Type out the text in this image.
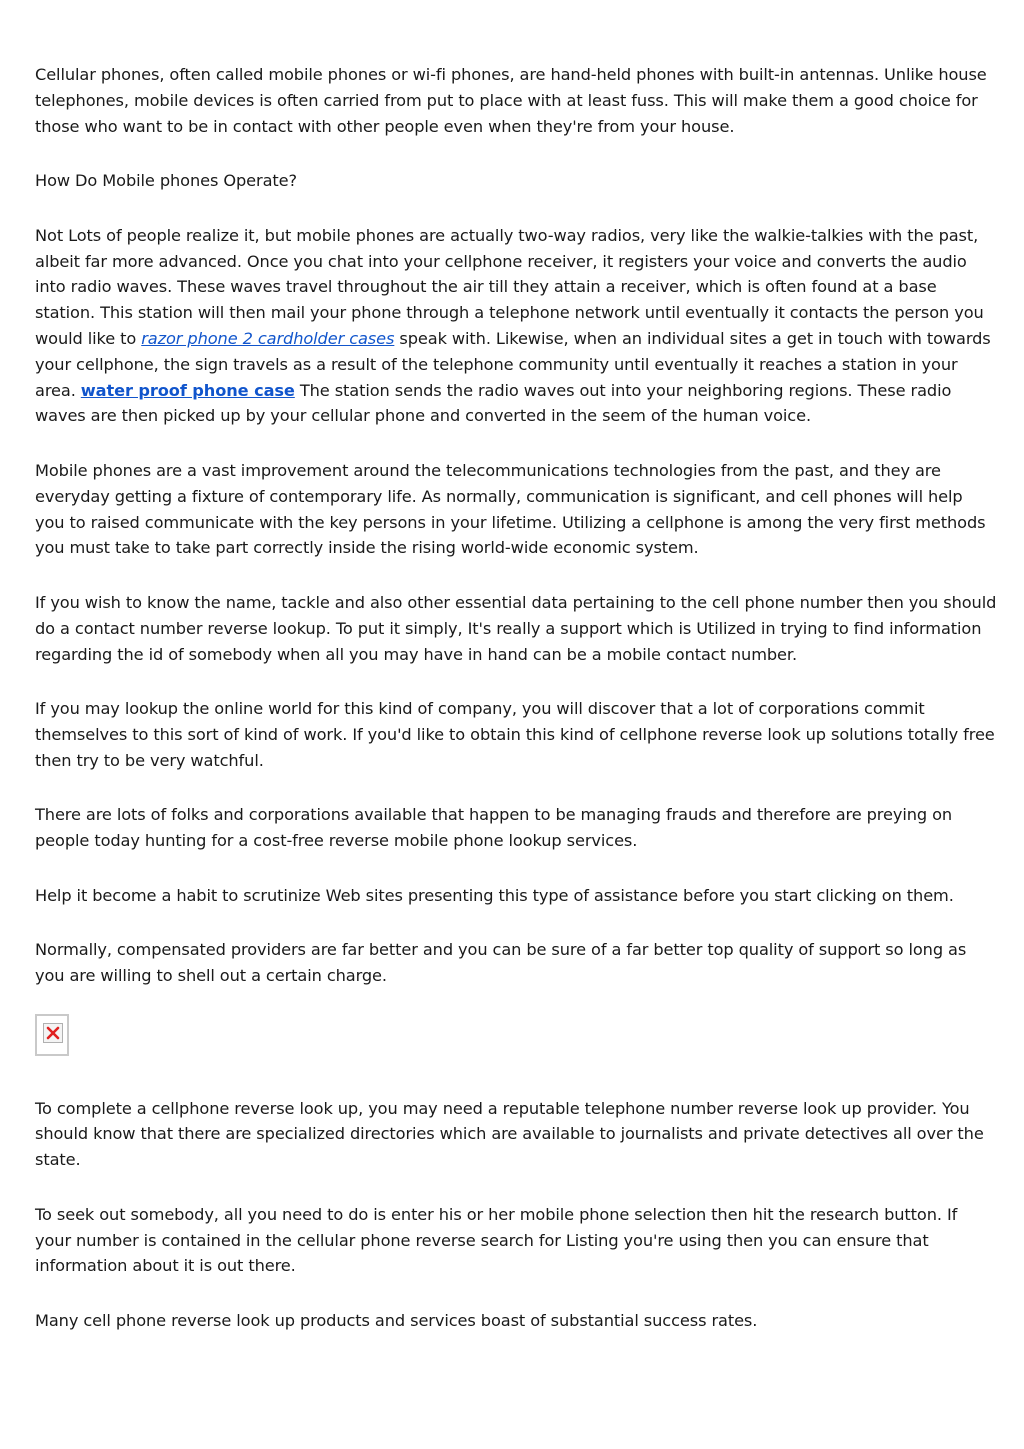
Cellular phones, often called mobile phones or wi-fi phones, are hand-held phones with built-in antennas. Unlike house telephones, mobile devices is often carried from put to place with at least fuss. This will make them a good choice for those who want to be in contact with other people even when they're from your house.

How Do Mobile phones Operate?

Not Lots of people realize it, but mobile phones are actually two-way radios, very like the walkie-talkies with the past, albeit far more advanced. Once you chat into your cellphone receiver, it registers your voice and converts the audio into radio waves. These waves travel throughout the air till they attain a receiver, which is often found at a base station. This station will then mail your phone through a telephone network until eventually it contacts the person you would like to razor phone 2 cardholder cases speak with. Likewise, when an individual sites a get in touch with towards your cellphone, the sign travels as a result of the telephone community until eventually it reaches a station in your area. water proof phone case The station sends the radio waves out into your neighboring regions. These radio waves are then picked up by your cellular phone and converted in the seem of the human voice.

Mobile phones are a vast improvement around the telecommunications technologies from the past, and they are everyday getting a fixture of contemporary life. As normally, communication is significant, and cell phones will help you to raised communicate with the key persons in your lifetime. Utilizing a cellphone is among the very first methods you must take to take part correctly inside the rising world-wide economic system.

If you wish to know the name, tackle and also other essential data pertaining to the cell phone number then you should do a contact number reverse lookup. To put it simply, It's really a support which is Utilized in trying to find information regarding the id of somebody when all you may have in hand can be a mobile contact number.

If you may lookup the online world for this kind of company, you will discover that a lot of corporations commit themselves to this sort of kind of work. If you'd like to obtain this kind of cellphone reverse look up solutions totally free then try to be very watchful.

There are lots of folks and corporations available that happen to be managing frauds and therefore are preying on people today hunting for a cost-free reverse mobile phone lookup services.

Help it become a habit to scrutinize Web sites presenting this type of assistance before you start clicking on them.

Normally, compensated providers are far better and you can be sure of a far better top quality of support so long as you are willing to shell out a certain charge.

To complete a cellphone reverse look up, you may need a reputable telephone number reverse look up provider. You should know that there are specialized directories which are available to journalists and private detectives all over the state.

To seek out somebody, all you need to do is enter his or her mobile phone selection then hit the research button. If your number is contained in the cellular phone reverse search for Listing you're using then you can ensure that information about it is out there.

Many cell phone reverse look up products and services boast of substantial success rates.
